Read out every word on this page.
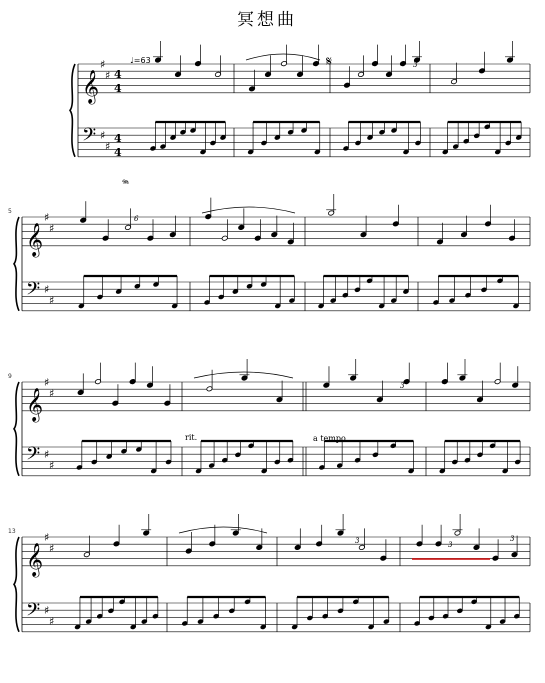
冥想曲
♩=63
𝄞
𝄢
♯
♯
♯
♯
4
4
4
4
𝄞
𝄢
♯
♯
♯
♯
5
𝄞
𝄢
♯
♯
♯
♯
9
𝄞
𝄢
♯
♯
♯
♯
13
𝄋
𝆮
rit.	a tempo
3
6
3
3	3
3
